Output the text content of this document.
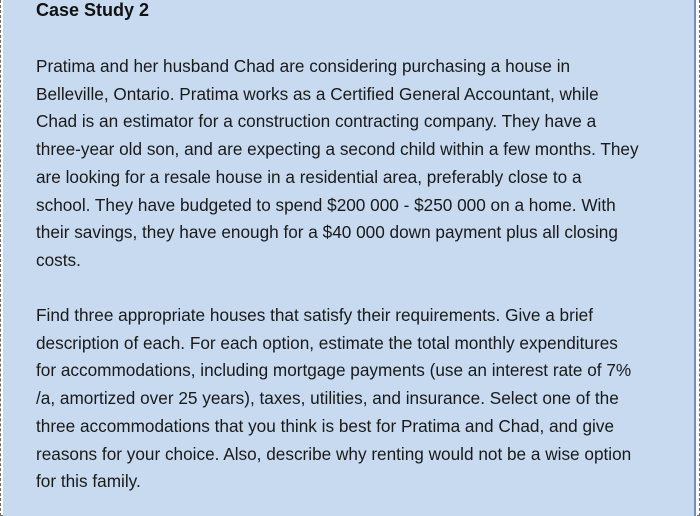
Case Study 2
Pratima and her husband Chad are considering purchasing a house in
Belleville, Ontario. Pratima works as a Certified General Accountant, while
Chad is an estimator for a construction contracting company. They have a
three-year old son, and are expecting a second child within a few months. They
are looking for a resale house in a residential area, preferably close to a
school. They have budgeted to spend $200 000 - $250 000 on a home. With
their savings, they have enough for a $40 000 down payment plus all closing
costs.
Find three appropriate houses that satisfy their requirements. Give a brief
description of each. For each option, estimate the total monthly expenditures
for accommodations, including mortgage payments (use an interest rate of 7%
/a, amortized over 25 years), taxes, utilities, and insurance. Select one of the
three accommodations that you think is best for Pratima and Chad, and give
reasons for your choice. Also, describe why renting would not be a wise option
for this family.
